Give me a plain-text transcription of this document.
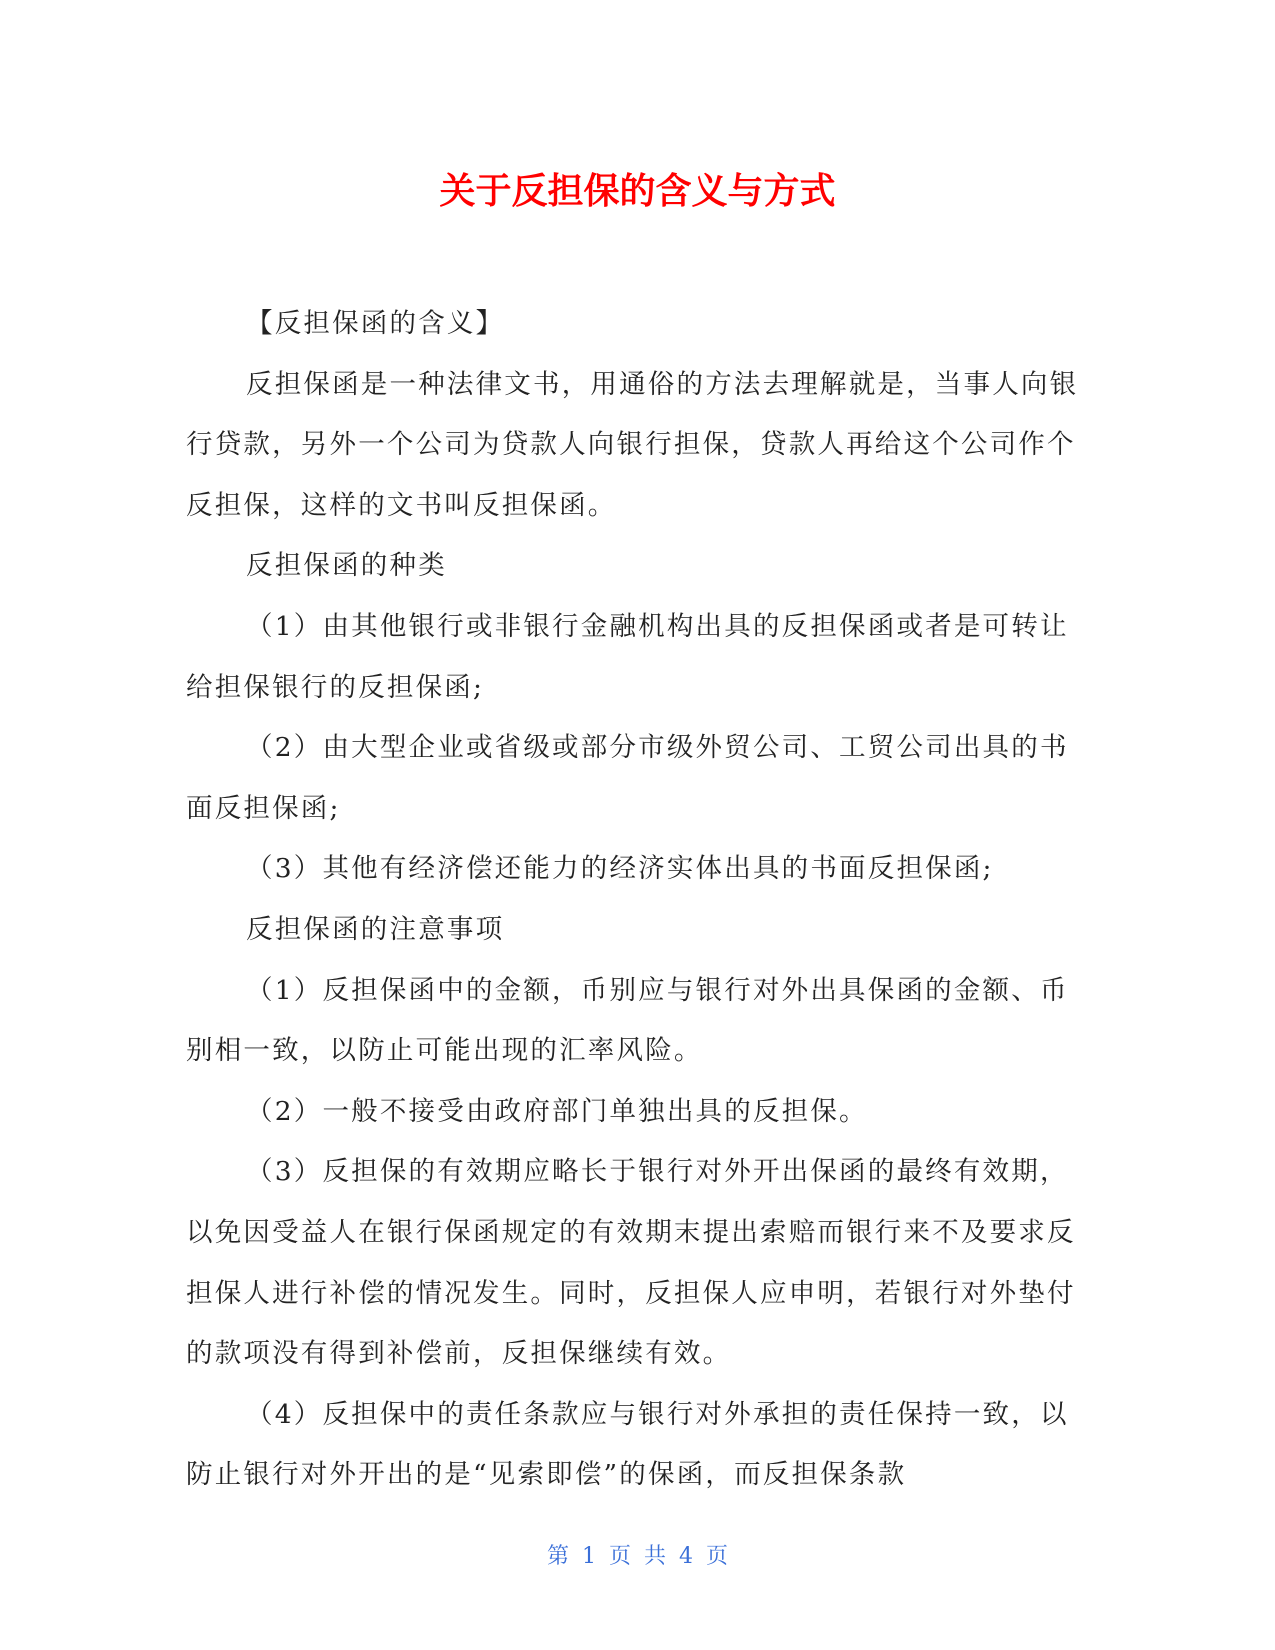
关于反担保的含义与方式

【反担保函的含义】

反担保函是一种法律文书，用通俗的方法去理解就是，当事人向银行贷款，另外一个公司为贷款人向银行担保，贷款人再给这个公司作个反担保，这样的文书叫反担保函。

反担保函的种类

（1）由其他银行或非银行金融机构出具的反担保函或者是可转让给担保银行的反担保函;

（2）由大型企业或省级或部分市级外贸公司、工贸公司出具的书面反担保函;

（3）其他有经济偿还能力的经济实体出具的书面反担保函;

反担保函的注意事项

（1）反担保函中的金额，币别应与银行对外出具保函的金额、币别相一致，以防止可能出现的汇率风险。

（2）一般不接受由政府部门单独出具的反担保。

（3）反担保的有效期应略长于银行对外开出保函的最终有效期，以免因受益人在银行保函规定的有效期末提出索赔而银行来不及要求反担保人进行补偿的情况发生。同时，反担保人应申明，若银行对外垫付的款项没有得到补偿前，反担保继续有效。

（4）反担保中的责任条款应与银行对外承担的责任保持一致，以防止银行对外开出的是“见索即偿”的保函，而反担保条款

第 1 页 共 4 页
